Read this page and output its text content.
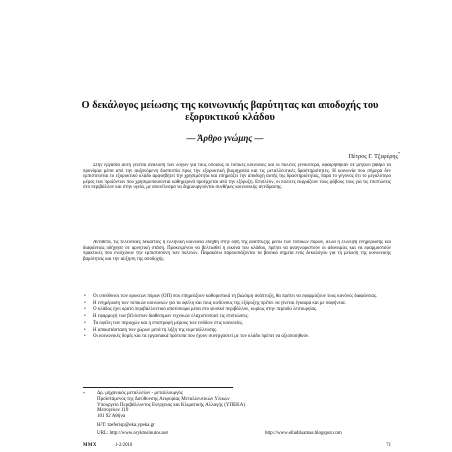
Ο δεκάλογος μείωσης της κοινωνικής βαρύτητας και αποδοχής του εξορυκτικού κλάδου

— Άρθρο γνώμης —

Πέτρος Γ. Τζεφέρης*

Στην εργασία αυτή γίνεται ανάλυση των λόγων για τους οποίους οι τοπικές κοινωνίες και οι πολίτες γενικότερα, αφαιρήθηκαν σε μεγάλο βαθμό τα προνόμια μέσα από την αυξανόμενη δυσπιστία προς την εξορυκτική βιομηχανία και τις μεταλλευτικές δραστηριότητες. Η κοινωνία που σήμερα δεν εμπιστεύεται το εξορυκτικό κλάδο αμφισβητεί την χρησιμότητα και επηρεάζει την αποδοχή αυτής της δραστηριότητας, παρά το γεγονός ότι το μεγαλύτερο μέρος των προϊόντων που χρησιμοποιούνται καθημερινά προέρχεται από την εξόρυξη. Επιπλέον, οι πολίτες εκφράζουν τους φόβους τους για τις επιπτώσεις στο περιβάλλον και στην υγεία, με αποτέλεσμα να δημιουργούνται συνθήκες κοινωνικής αντίδρασης.

Αντίθετα, τις τελευταίες δεκαετίες η ελληνική κοινωνία εδέχθη στην όψη της ανάπτυξης μέσω των τοπικών πόρων, αλλά η έλλειψη ενημέρωσης και διαφάνειας οδήγησε σε αρνητική στάση. Προκειμένου να βελτιωθεί η εικόνα του κλάδου, πρέπει να αναγνωριστούν οι αδυναμίες και να εφαρμοστούν πρακτικές που ενισχύουν την εμπιστοσύνη των πολιτών. Παρακάτω παρουσιάζονται τα βασικά σημεία ενός δεκαλόγου για τη μείωση της κοινωνικής βαρύτητας και την αύξηση της αποδοχής.

• Οι υπεύθυνοι των ορυκτών πόρων (ΟΠ) που επηρεάζουν καθοριστικά τη βιώσιμη ανάπτυξη, θα πρέπει να εφαρμόζουν τους κανόνες διαφάνειας.
• Η ενημέρωση των τοπικών κοινωνιών για τα οφέλη και τους κινδύνους της εξόρυξης πρέπει να γίνεται έγκαιρα και με σαφήνεια.
• Ο κλάδος έχει ορατό περιβαλλοντικό αποτύπωμα μέσα στο φυσικό περιβάλλον, κυρίως στην περίοδο λειτουργίας.
• Η εφαρμογή των βέλτιστων διαθέσιμων τεχνικών ελαχιστοποιεί τις επιπτώσεις.
• Τα οφέλη των περιοχών και η επιστροφή μέρους των εσόδων στις κοινωνίες.
• Η αποκατάσταση των χώρων μετά τη λήξη της εκμετάλλευσης.
• Οι κοινωνικές δομές και τα εργασιακά πρότυπα που έχουν συνεργαστεί με τον κλάδο πρέπει να αξιοποιηθούν.
* Δρ. μηχανικός μεταλλείων - μεταλλουργός
Προϊστάμενος της Διεύθυνσης Αειφορίας Μεταλλευτικών Υλικών
Υπουργείο Περιβάλλοντος Ενέργειας και Κλιματικής Αλλαγής (ΥΠΕΚΑ)
Μεσογείων 119
101 92 Αθήνα
Η/Τ: tzeferisp@eka.ypeka.gr
URL: http://www.oryktosloutos.net	http://www.elladitsamas.blogspot.com
ΜΜΧ	1-2/2010	71
